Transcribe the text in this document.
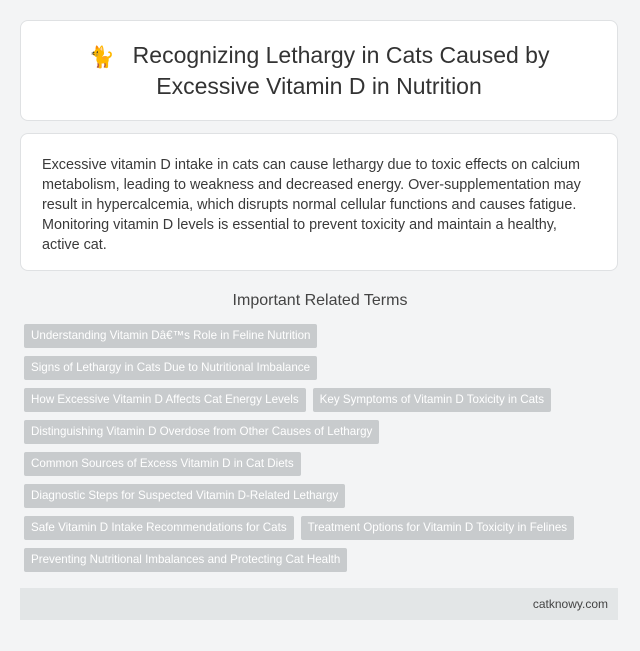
🐈 Recognizing Lethargy in Cats Caused by Excessive Vitamin D in Nutrition

Excessive vitamin D intake in cats can cause lethargy due to toxic effects on calcium metabolism, leading to weakness and decreased energy. Over-supplementation may result in hypercalcemia, which disrupts normal cellular functions and causes fatigue. Monitoring vitamin D levels is essential to prevent toxicity and maintain a healthy, active cat.

Important Related Terms
Understanding Vitamin Dâ€™s Role in Feline Nutrition
Signs of Lethargy in Cats Due to Nutritional Imbalance
How Excessive Vitamin D Affects Cat Energy Levels	Key Symptoms of Vitamin D Toxicity in Cats
Distinguishing Vitamin D Overdose from Other Causes of Lethargy
Common Sources of Excess Vitamin D in Cat Diets
Diagnostic Steps for Suspected Vitamin D-Related Lethargy
Safe Vitamin D Intake Recommendations for Cats	Treatment Options for Vitamin D Toxicity in Felines
Preventing Nutritional Imbalances and Protecting Cat Health
catknowy.com
